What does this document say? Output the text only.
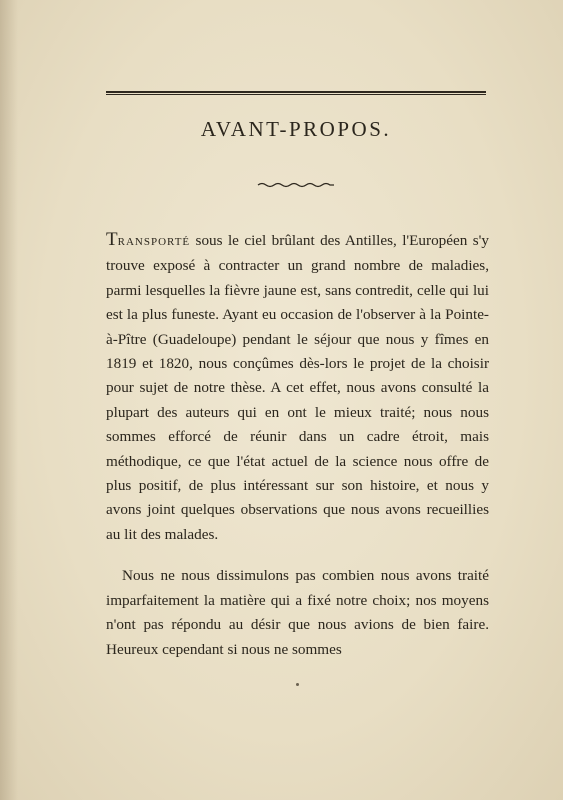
AVANT-PROPOS.

TRANSPORTÉ sous le ciel brûlant des Antilles, l'Européen s'y trouve exposé à contracter un grand nombre de maladies, parmi lesquelles la fièvre jaune est, sans contredit, celle qui lui est la plus funeste. Ayant eu occasion de l'observer à la Pointe-à-Pître (Guadeloupe) pendant le séjour que nous y fîmes en 1819 et 1820, nous conçûmes dès-lors le projet de la choisir pour sujet de notre thèse. A cet effet, nous avons consulté la plupart des auteurs qui en ont le mieux traité; nous nous sommes efforcé de réunir dans un cadre étroit, mais méthodique, ce que l'état actuel de la science nous offre de plus positif, de plus intéressant sur son histoire, et nous y avons joint quelques observations que nous avons recueillies au lit des malades.

Nous ne nous dissimulons pas combien nous avons traité imparfaitement la matière qui a fixé notre choix; nos moyens n'ont pas répondu au désir que nous avions de bien faire. Heureux cependant si nous ne sommes
